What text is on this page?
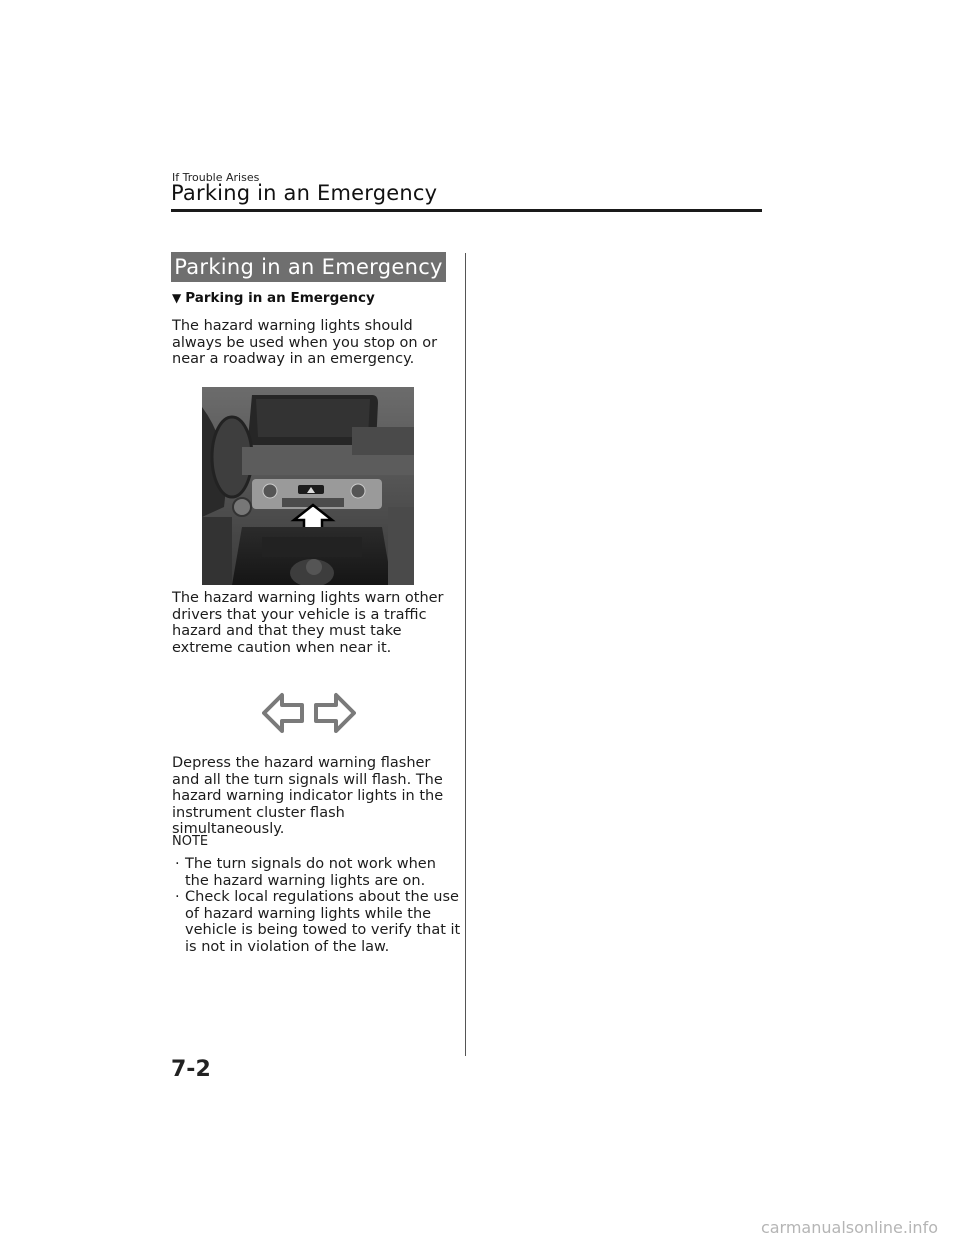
If Trouble Arises
Parking in an Emergency
Parking in an Emergency
▼ Parking in an Emergency
The hazard warning lights should always be used when you stop on or near a roadway in an emergency.
The hazard warning lights warn other drivers that your vehicle is a traffic hazard and that they must take extreme caution when near it.
Depress the hazard warning flasher and all the turn signals will flash. The hazard warning indicator lights in the instrument cluster flash simultaneously.
NOTE
· The turn signals do not work when the hazard warning lights are on.
· Check local regulations about the use of hazard warning lights while the vehicle is being towed to verify that it is not in violation of the law.
7-2
carmanualsonline.info
